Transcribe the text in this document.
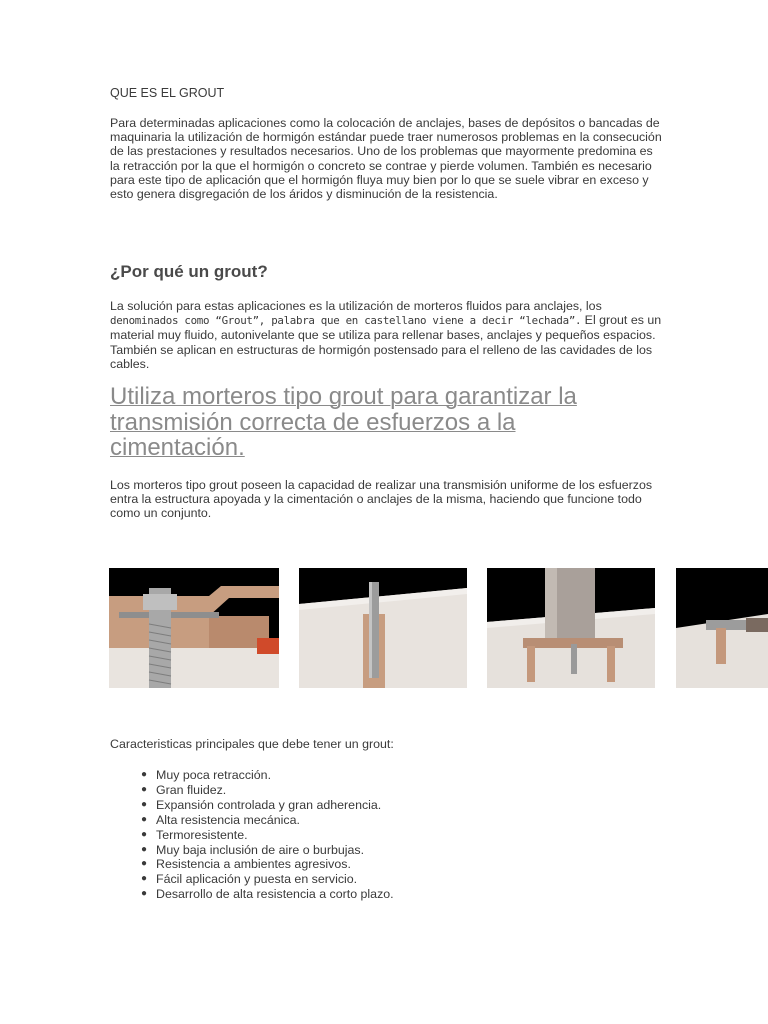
QUE ES EL GROUT

Para determinadas aplicaciones como la colocación de anclajes, bases de depósitos o bancadas de maquinaria la utilización de hormigón estándar puede traer numerosos problemas en la consecución de las prestaciones y resultados necesarios. Uno de los problemas que mayormente predomina es la retracción por la que el hormigón o concreto se contrae y pierde volumen. También es necesario para este tipo de aplicación que el hormigón fluya muy bien por lo que se suele vibrar en exceso y esto genera disgregación de los áridos y disminución de la resistencia.

¿Por qué un grout?

La solución para estas aplicaciones es la utilización de morteros fluidos para anclajes, los denominados como “Grout”, palabra que en castellano viene a decir “lechada”. El grout es un material muy fluido, autonivelante que se utiliza para rellenar bases, anclajes y pequeños espacios. También se aplican en estructuras de hormigón postensado para el relleno de las cavidades de los cables.

Utiliza morteros tipo grout para garantizar la transmisión correcta de esfuerzos a la cimentación.

Los morteros tipo grout poseen la capacidad de realizar una transmisión uniforme de los esfuerzos entra la estructura apoyada y la cimentación o anclajes de la misma, haciendo que funcione todo como un conjunto.

Caracteristicas principales que debe tener un grout:

● Muy poca retracción.
● Gran fluidez.
● Expansión controlada y gran adherencia.
● Alta resistencia mecánica.
● Termoresistente.
● Muy baja inclusión de aire o burbujas.
● Resistencia a ambientes agresivos.
● Fácil aplicación y puesta en servicio.
● Desarrollo de alta resistencia a corto plazo.
